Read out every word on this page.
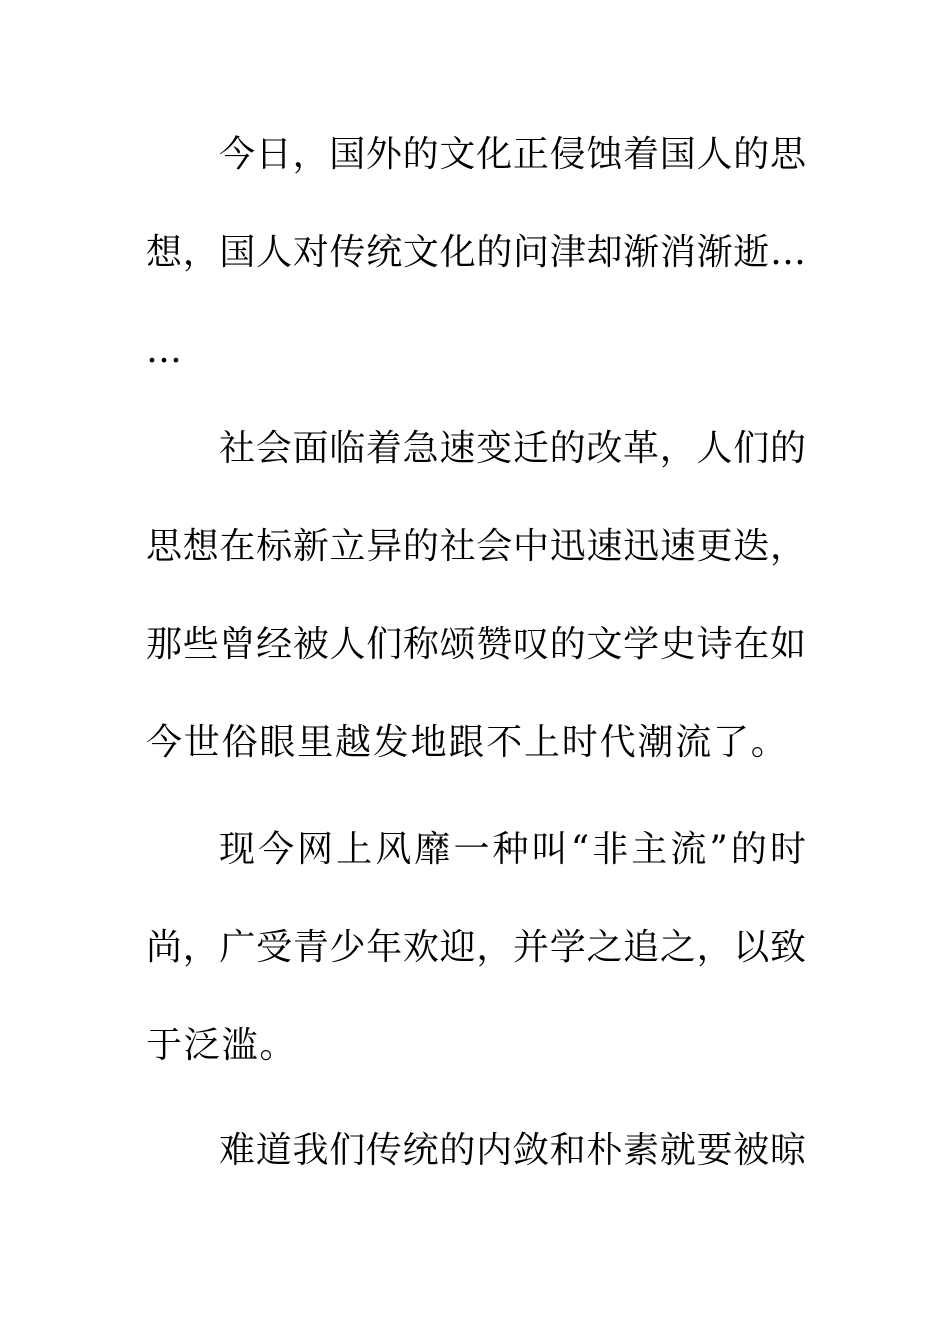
今日，国外的文化正侵蚀着国人的思
想，国人对传统文化的问津却渐消渐逝…
…
社会面临着急速变迁的改革，人们的
思想在标新立异的社会中迅速迅速更迭，
那些曾经被人们称颂赞叹的文学史诗在如
今世俗眼里越发地跟不上时代潮流了。
现今网上风靡一种叫“非主流”的时
尚，广受青少年欢迎，并学之追之，以致
于泛滥。
难道我们传统的内敛和朴素就要被晾
